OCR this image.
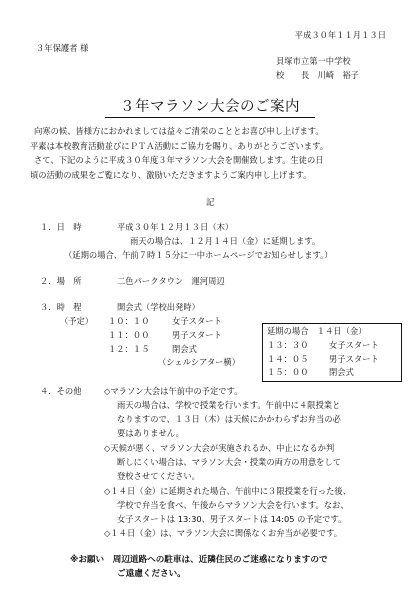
平成３０年１１月１３日
３年保護者 様
貝塚市立第一中学校
校　　長　川崎　裕子
３年マラソン大会のご案内
向寒の候、皆様方におかれましては益々ご清栄のこととお喜び申し上げます。
平素は本校教育活動並びにＰＴＡ活動にご協力を賜り、ありがとうございます。
さて、下記のように平成３０年度３年マラソン大会を開催致します。生徒の日
頃の活動の成果をご覧になり、激励いただきますようご案内申し上げます。
記
１．日　時	平成３０年１２月１３日（木）
雨天の場合は、１２月１４日（金）に延期します。
（延期の場合、午前７時１５分に一中ホームページでお知らせします。）
２．場　所	二色パークタウン　運河周辺
３．時　程	開会式（学校出発時）
（予定） １０：１０	女子スタート
１１：００	男子スタート
１２：１５	閉会式
（シェルシアター横）
延期の場合　１４日（金）
１３：３０ 女子スタート
１４：０５ 男子スタート
１５：００ 閉会式
４．その他	◇マラソン大会は午前中の予定です。
雨天の場合は、学校で授業を行います。午前中に４限授業と
なりますので、１３日（木）は天候にかかわらずお弁当の必
要はありません。
◇天候が悪く、マラソン大会が実施されるか、中止になるか判
断しにくい場合は、マラソン大会・授業の両方の用意をして
登校させてください。
◇１４日（金）に延期された場合、午前中に３限授業を行った後、
学校で弁当を食べ、午後からマラソン大会を行います。なお、
女子スタートは 13:30、男子スタートは 14:05 の予定です。
◇１４日（金）は、マラソン大会に関係なくお弁当が必要です。
※お願い　周辺道路への駐車は、近隣住民のご迷惑になりますので
ご遠慮ください。
